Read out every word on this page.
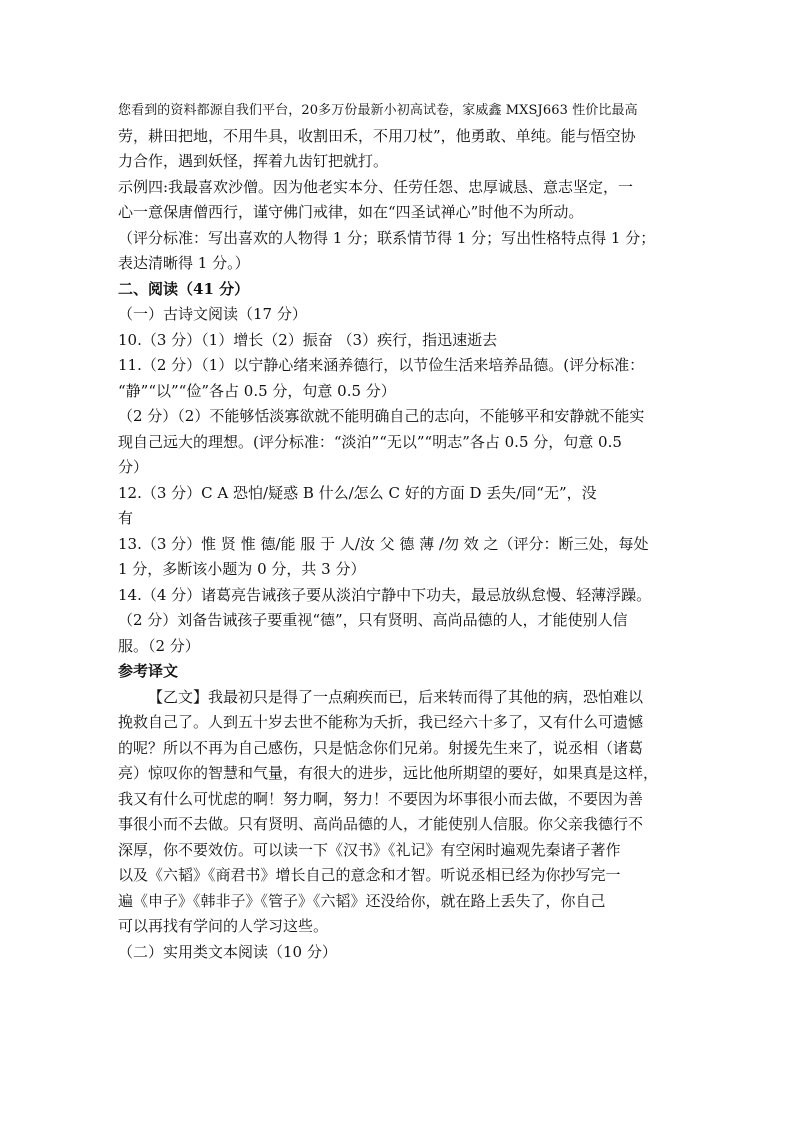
您看到的资料都源自我们平台，20多万份最新小初高试卷，家威鑫 MXSJ663 性价比最高

劳，耕田把地，不用牛具，收割田禾，不用刀杖”，他勇敢、单纯。能与悟空协

力合作，遇到妖怪，挥着九齿钉把就打。

示例四:我最喜欢沙僧。因为他老实本分、任劳任怨、忠厚诚恳、意志坚定，一

心一意保唐僧西行，谨守佛门戒律，如在“四圣试禅心”时他不为所动。

（评分标准：写出喜欢的人物得 1 分；联系情节得 1 分；写出性格特点得 1 分；

表达清晰得 1 分。）

二、阅读（41 分）

（一）古诗文阅读（17 分）

10.（3 分）（1）增长（2）振奋 （3）疾行，指迅速逝去

11.（2 分）（1）以宁静心绪来涵养德行，以节俭生活来培养品德。(评分标准：

“静”“以”“俭”各占 0.5 分，句意 0.5 分）

（2 分）（2）不能够恬淡寡欲就不能明确自己的志向，不能够平和安静就不能实

现自己远大的理想。(评分标准：“淡泊”“无以”“明志”各占 0.5 分，句意 0.5

分）

12.（3 分）C A 恐怕/疑惑 B 什么/怎么 C 好的方面 D 丢失/同“无”，没

有

13.（3 分）惟 贤 惟 德/能 服 于 人/汝 父 德 薄 /勿 效 之（评分：断三处，每处

1 分，多断该小题为 0 分，共 3 分）

14.（4 分）诸葛亮告诫孩子要从淡泊宁静中下功夫，最忌放纵怠慢、轻薄浮躁。

（2 分）刘备告诫孩子要重视“德”，只有贤明、高尚品德的人，才能使别人信

服。（2 分）

参考译文

【乙文】我最初只是得了一点痢疾而已，后来转而得了其他的病，恐怕难以

挽救自己了。人到五十岁去世不能称为夭折，我已经六十多了，又有什么可遗憾

的呢？所以不再为自己感伤，只是惦念你们兄弟。射援先生来了，说丞相（诸葛

亮）惊叹你的智慧和气量，有很大的进步，远比他所期望的要好，如果真是这样，

我又有什么可忧虑的啊！努力啊，努力！不要因为坏事很小而去做，不要因为善

事很小而不去做。只有贤明、高尚品德的人，才能使别人信服。你父亲我德行不

深厚，你不要效仿。可以读一下《汉书》《礼记》有空闲时遍观先秦诸子著作

以及《六韬》《商君书》增长自己的意念和才智。听说丞相已经为你抄写完一

遍《申子》《韩非子》《管子》《六韬》还没给你，就在路上丢失了，你自己

可以再找有学问的人学习这些。

（二）实用类文本阅读（10 分）
